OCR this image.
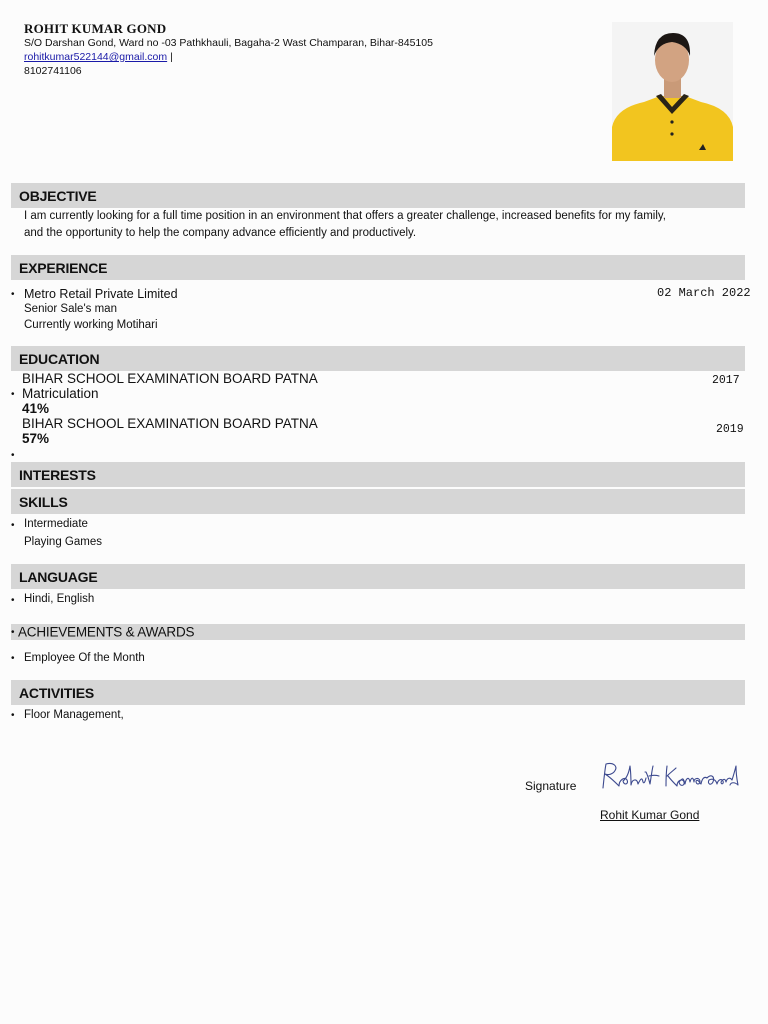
ROHIT KUMAR GOND
S/O Darshan Gond, Ward no -03 Pathkhauli, Bagaha-2 Wast Champaran, Bihar-845105
rohitkumar522144@gmail.com |
8102741106
OBJECTIVE
I am currently looking for a full time position in an environment that offers a greater challenge, increased benefits for my family,
and the opportunity to help the company advance efficiently and productively.
EXPERIENCE
• Metro Retail Private Limited
Senior Sale's man
Currently working Motihari
02 March 2022
EDUCATION
BIHAR SCHOOL EXAMINATION BOARD PATNA
• Matriculation
41%
2017
BIHAR SCHOOL EXAMINATION BOARD PATNA
57%
2019
•
INTERESTS
SKILLS
• Intermediate
Playing Games
LANGUAGE
• Hindi, English
ACHIEVEMENTS & AWARDS
•
• Employee Of the Month
ACTIVITIES
• Floor Management,
Signature
Rohit Kumar Gond
